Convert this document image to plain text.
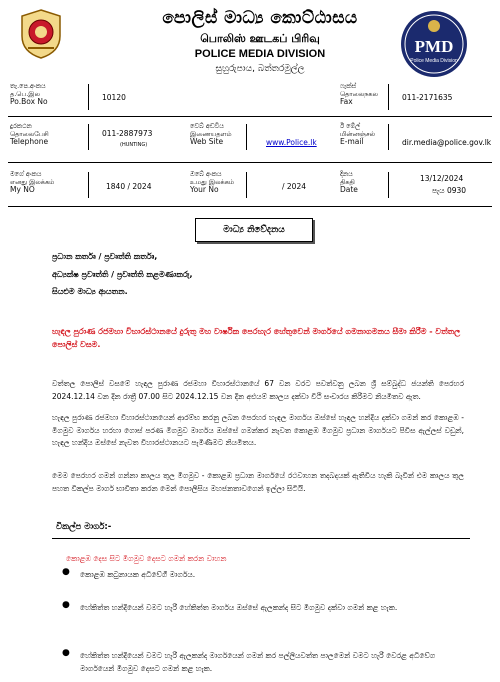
පොලිස් මාධ්‍ය කොට්ඨාසය
பொலிஸ் ஊடகப் பிரிவு
POLICE MEDIA DIVISION
සුහුරුපාය, බත්තරමුල්ල
PMD
Police Media Division
තැ.පෙ.අංකය
த.பெ.இல
Po.Box No	10120
ෆැක්ස්
தொலைநகல
Fax	011-2171635
දුරකථන
தொலைபேசி
Telephone
011-2887973
(HUNTING)
වෙබ් අඩවිය
இணையதளம்
Web Site	www.Police.lk
ඊ මේල්
மின்னஞ்சல்
E-mail	dir.media@police.gov.lk
මගේ අංකය
எனது இலக்கம்
My NO	1840 / 2024
ඔබේ අංකය
உமது இலக்கம்
Your No	/ 2024
දිනය
திகதி
Date
13/12/2024
පැය 0930
මාධ්‍ය නිවේදනය
ප්‍රධාන කර්තෘ / ප්‍රවෘත්ති කර්තෘ,
අධ්‍යක්ෂ ප්‍රවෘත්ති / ප්‍රවෘත්ති කළමණාකරු,
සියළුම මාධ්‍ය ආයතන.
හැඳල පුරාණ රජමහා විහාරස්ථානයේ දුරුතු මහ වාර්ෂික පෙරහැර හේතුවෙන් මාර්ගයේ ගමනාගමනය සීමා කිරීම - වත්තල පොලිස් වසම.
වත්තල පොලිස් වසමේ හැඳල පුරාණ රජමහා විහාරස්ථානයේ 67 වන වරට පවත්වනු ලබන ශ්‍රී සම්බුද්ධ ජයන්ති පෙරහර 2024.12.14 වන දින රාත්‍රී 07.00 සිට 2024.12.15 වන දින අළුයම් කාලය දක්වා වීථි සංචාරය කිරීමට නියමිතව ඇත.
හැඳල පුරාණ රජමහා විහාරස්ථානයෙන් ආරම්භ කරනු ලබන පෙරහර හැඳල මාර්ගය ඔස්සේ හැඳල හන්දිය දක්වා ගමන් කර කොළඹ - මීගමුව මාර්ගය හරහා ගොස් පරණ මීගමුව මාර්ගය ඔස්සේ ගමන්කර නැවත කොළඹ මීගමුව ප්‍රධාන මාර්ගයට පිවිස ඇල්ලස් වඩුන්, හැඳල හන්දිය ඔස්සේ නැවත විහාරස්ථානයට පැමිණීමට නියමිතය.
මෙම පෙරහර ගමන් ගන්නා කාලය තුල මීගමුව - කොළඹ ප්‍රධාන මාර්ගයේ රථවාහන තදබදයක් ඇතිවිය හැකි බැවින් එම කාලය තුල පහත විකල්ප මාර්ග භාවිතා කරන මෙන් පොලිසිය මහජනතාවගෙන් ඉල්ලා සිටියි.
විකල්ප මාර්ග:-
කොළඹ දෙස සිට මීගමුව දෙසට ගමන් කරන වාහන
● කොළඹ කටුනායක අධිවේගී මාර්ගය.
● හේකිත්ත හන්දියෙන් වමට හැරී හේකිත්ත මාර්ගය ඔස්සේ ඇලකන්ද සිට මීගමුව දක්වා ගමන් කළ හැක.
● හේකිත්ත හන්දියෙන් වමට හැරී ඇලකන්ද මාර්ගයෙන් ගමන් කර පල්ලියවත්ත පාලමෙන් වමට හැරී වෙරළ අධිවේග මාර්ගයෙන් මීගමුව දෙසට ගමන් කළ හැක.
